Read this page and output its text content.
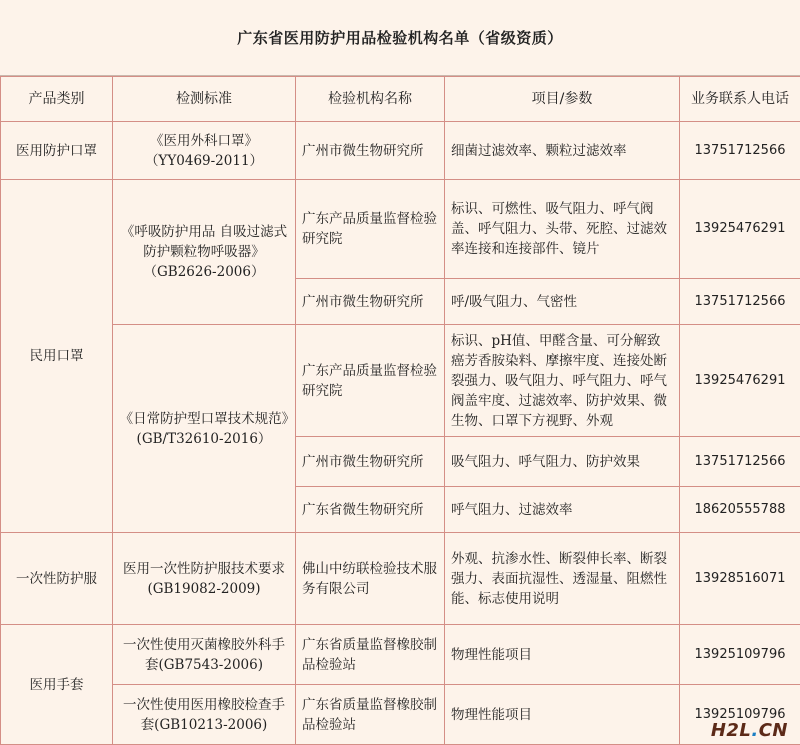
广东省医用防护用品检验机构名单（省级资质）
产品类别	检测标准	检验机构名称	项目/参数	业务联系人电话
医用防护口罩	《医用外科口罩》（YY0469-2011）	广州市微生物研究所	细菌过滤效率、颗粒过滤效率	13751712566
民用口罩	《呼吸防护用品 自吸过滤式防护颗粒物呼吸器》（GB2626-2006）	广东产品质量监督检验研究院	标识、可燃性、吸气阻力、呼气阀盖、呼气阻力、头带、死腔、过滤效率连接和连接部件、镜片	13925476291
		广州市微生物研究所	呼/吸气阻力、气密性	13751712566
	《日常防护型口罩技术规范》(GB/T32610-2016）	广东产品质量监督检验研究院	标识、pH值、甲醛含量、可分解致癌芳香胺染料、摩擦牢度、连接处断裂强力、吸气阻力、呼气阻力、呼气阀盖牢度、过滤效率、防护效果、微生物、口罩下方视野、外观	13925476291
		广州市微生物研究所	吸气阻力、呼气阻力、防护效果	13751712566
		广东省微生物研究所	呼气阻力、过滤效率	18620555788
一次性防护服	医用一次性防护服技术要求(GB19082-2009)	佛山中纺联检验技术服务有限公司	外观、抗渗水性、断裂伸长率、断裂强力、表面抗湿性、透湿量、阻燃性能、标志使用说明	13928516071
医用手套	一次性使用灭菌橡胶外科手套(GB7543-2006)	广东省质量监督橡胶制品检验站	物理性能项目	13925109796
	一次性使用医用橡胶检查手套(GB10213-2006)	广东省质量监督橡胶制品检验站	物理性能项目	13925109796
H2L.CN
